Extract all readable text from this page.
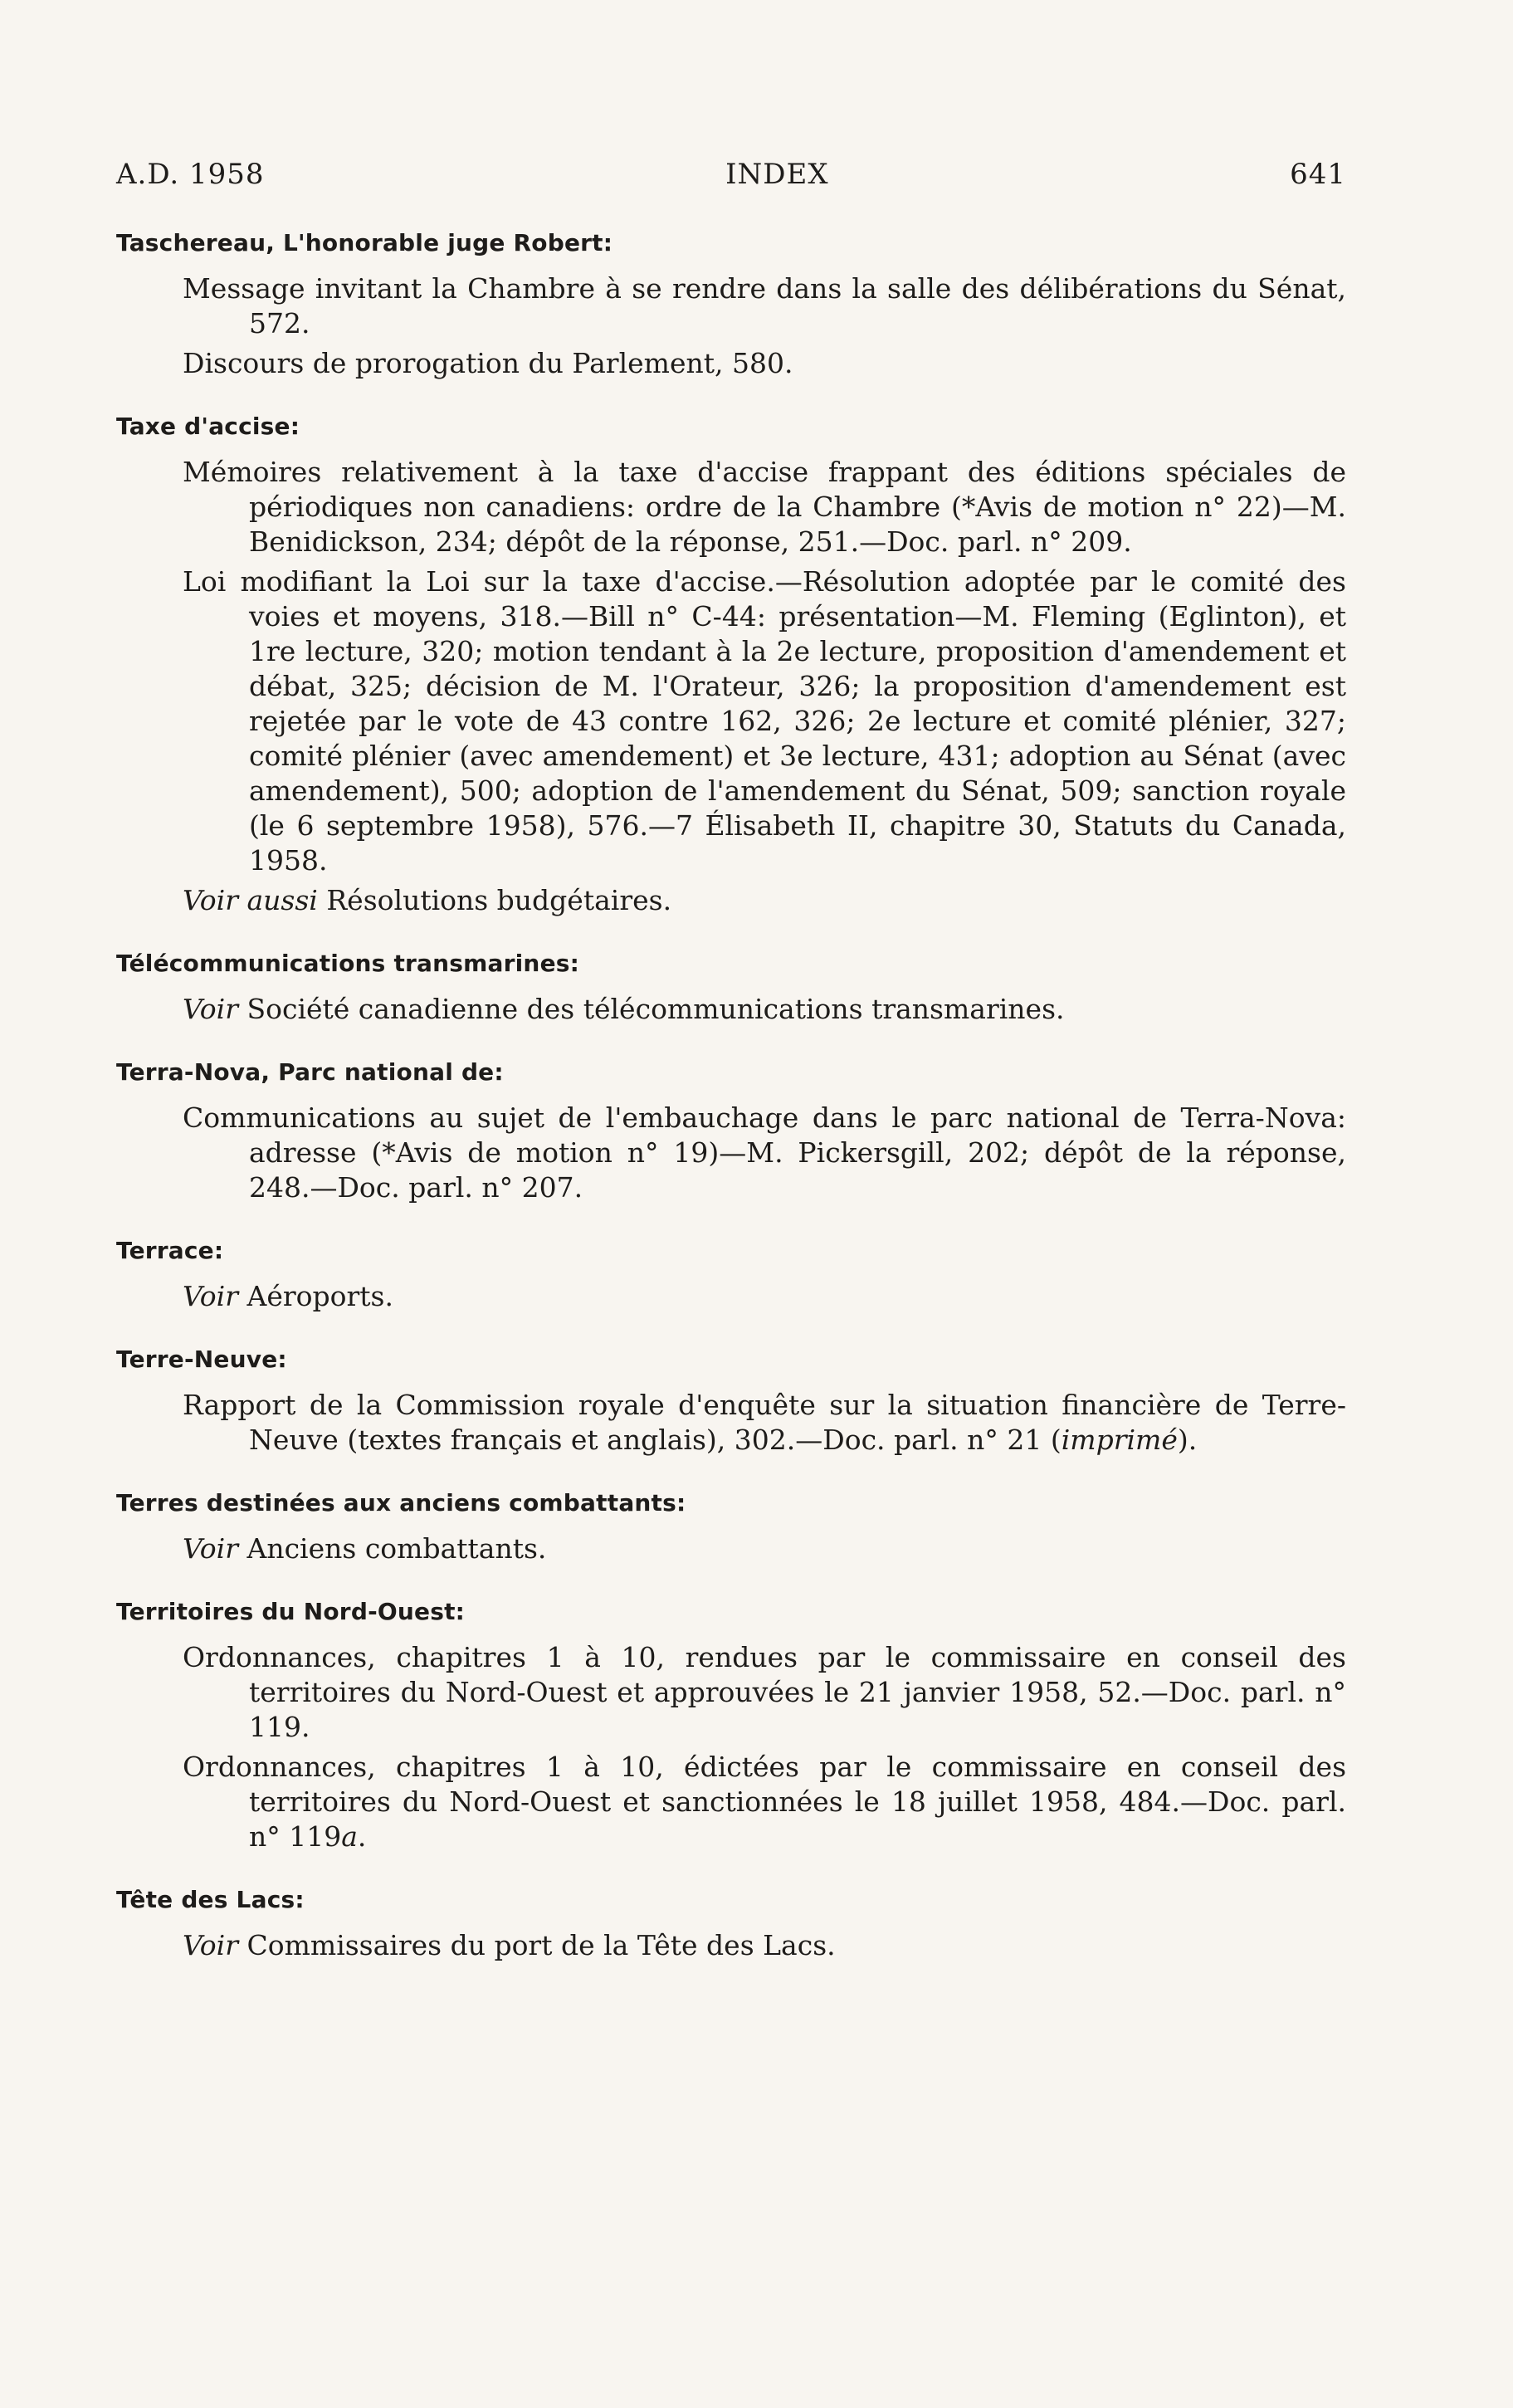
A.D. 1958	INDEX	641
Taschereau, L'honorable juge Robert:

Message invitant la Chambre à se rendre dans la salle des délibérations du Sénat, 572.

Discours de prorogation du Parlement, 580.

Taxe d'accise:

Mémoires relativement à la taxe d'accise frappant des éditions spéciales de périodiques non canadiens: ordre de la Chambre (*Avis de motion n° 22)—M. Benidickson, 234; dépôt de la réponse, 251.—Doc. parl. n° 209.

Loi modifiant la Loi sur la taxe d'accise.—Résolution adoptée par le comité des voies et moyens, 318.—Bill n° C-44: présentation—M. Fleming (Eglinton), et 1re lecture, 320; motion tendant à la 2e lecture, proposition d'amendement et débat, 325; décision de M. l'Orateur, 326; la proposition d'amendement est rejetée par le vote de 43 contre 162, 326; 2e lecture et comité plénier, 327; comité plénier (avec amendement) et 3e lecture, 431; adoption au Sénat (avec amendement), 500; adoption de l'amendement du Sénat, 509; sanction royale (le 6 septembre 1958), 576.—7 Élisabeth II, chapitre 30, Statuts du Canada, 1958.

Voir aussi Résolutions budgétaires.

Télécommunications transmarines:

Voir Société canadienne des télécommunications transmarines.

Terra-Nova, Parc national de:

Communications au sujet de l'embauchage dans le parc national de Terra-Nova: adresse (*Avis de motion n° 19)—M. Pickersgill, 202; dépôt de la réponse, 248.—Doc. parl. n° 207.

Terrace:

Voir Aéroports.

Terre-Neuve:

Rapport de la Commission royale d'enquête sur la situation financière de Terre-Neuve (textes français et anglais), 302.—Doc. parl. n° 21 (imprimé).

Terres destinées aux anciens combattants:

Voir Anciens combattants.

Territoires du Nord-Ouest:

Ordonnances, chapitres 1 à 10, rendues par le commissaire en conseil des territoires du Nord-Ouest et approuvées le 21 janvier 1958, 52.—Doc. parl. n° 119.

Ordonnances, chapitres 1 à 10, édictées par le commissaire en conseil des territoires du Nord-Ouest et sanctionnées le 18 juillet 1958, 484.—Doc. parl. n° 119a.

Tête des Lacs:

Voir Commissaires du port de la Tête des Lacs.
